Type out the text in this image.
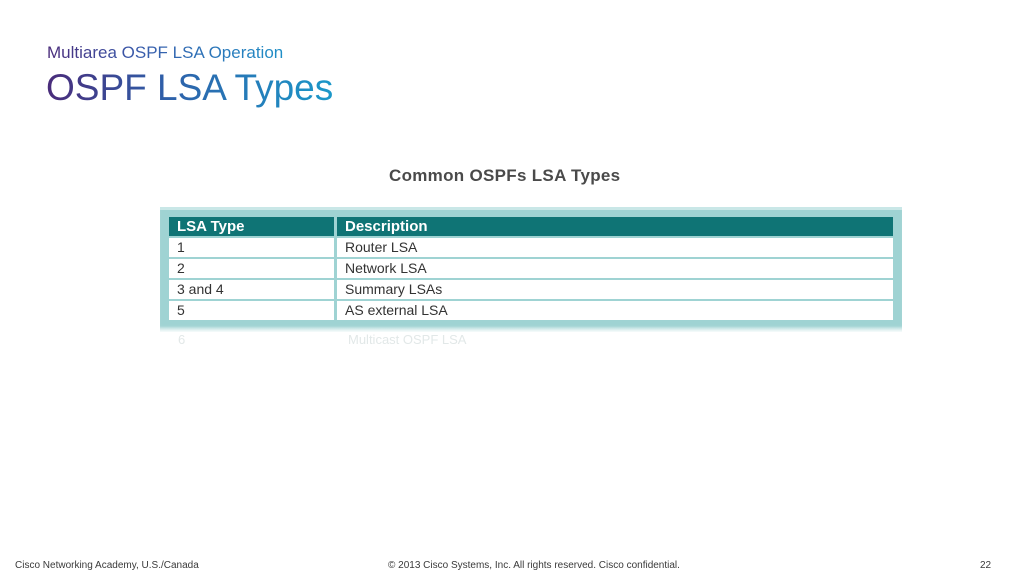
Multiarea OSPF LSA Operation
OSPF LSA Types
Common OSPFs LSA Types
LSA Type	Description
1	Router LSA
2	Network LSA
3 and 4	Summary LSAs
5	AS external LSA
6	Multicast OSPF LSA
Cisco Networking Academy, U.S./Canada	© 2013 Cisco Systems, Inc. All rights reserved. Cisco confidential.	22
